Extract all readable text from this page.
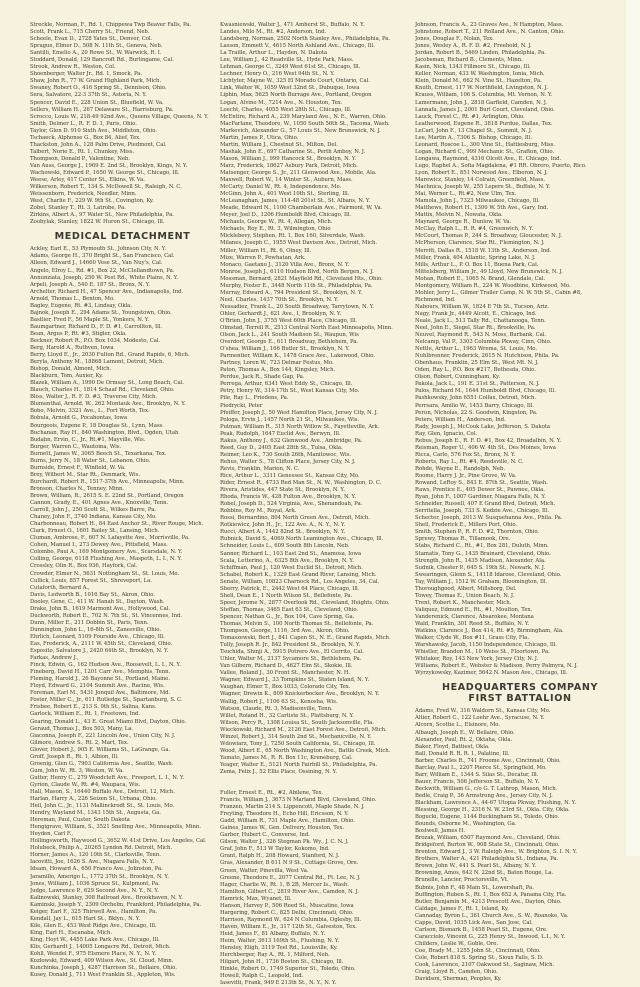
Streckle, Norman, F., Rd. 1, Chippewa Twp Beaver Falls, Pa.
Scott, Frank L., 715 Cherry St., Friend, Neb.
Scheele, Evan D., 2728 Yates St., Denver, Col.
Sprague, Elmer D., 508 N. 11th St., Geneva, Neb.
Santilli, Emelio A., 20 Rowe St., W. Warwick, R. I.
Stoddard, Donald, 129 Bancroft Rd., Burlingame, Cal.
Strook, Andrew R., Weston, Col.
Shoenberger, Walter Jr., Rd. 1, Smock, Pa.
Shaw, John R., 77 W. Grand Highland Park, Mich.
Swaney, Robert O., 416 Spring St., Dennison, Ohio.
Sera, Salvatore, 22-3 37th St., Astoria, N. Y.
Spencer, David E., 228 Union St., Bluefield, W. Va.
Sellers, William H., 267 Delaware St., Harrisburg, Pa.
Scrocco, Louis W., 218-49 92nd Ave., Queens Village, Queens, N. Y.
Smith, Delmer L., R. F. D. 1, Paris, Ohio.
Taylor, Glen D. 910 Sixth Ave., Middleton, Ohio.
Tschaeck, Alphonse G., Box 84, Alief, Tex.
Thackston, John A., 128 Palm Drive, Piedmont, Cal.
Talbert, Norie E., Rt. 1, Chunkey, Miss.
Thompson, Donald P., Valentine, Neb.
Van Auss, George J., 1969 E. 2nd St., Brooklyn, Kings, N. Y.
Wachowski, Edward P., 1650 W. George St., Chicago, Ill.
Weese, Arley, 417 Center St., Elkins, W. Va.
Wilkerson, Robert T., 134 S. McDowell St., Raleigh, N. C.
Weissenborn, Frederick, Needler, Minn.
West, Charlie F., 229 W. 9th St., Covington, Ky.
Zobel, Stanley T., Rt. 3, Latrobe, Pa.
Zirkins, Albert A., 97 Water St., New Philadelphia, Pa.
Zoobylak, Stanley, 1822 W. Huron St., Chicago, Ill.
MEDICAL DETACHMENT
Ackley, Earl E., 53 Plymouth St., Johnson City, N. Y.
Adams, George H., 370 Bright St., San Francisco, Cal.
Alleen, Edward J., 14660 Vose St., Van Nuy's, Cal.
Angelo, Elroy L., Rd. #1, Box 22, McClellandtown, Pa.
Annunziata, Joseph, 250 W. Post Rd., White Plains, N. Y.
Arpeli, Joseph A., 540 E. 187 St., Bronx, N. Y.
Archelter, Richard H., 47 Spencer Ave., Indianapolis, Ind.
Arnold, Thomas L., Benton, Mo.
Bagley, Eugene, Rt. #3, Lindsay, Okla.
Bajnok, Joseph E., 294 Adams St., Youngstown, Ohio.
Bastlier, Fred F., 56 Maple St., Yonkers, N. Y.
Baumgartner, Richard D., F. D. #1, Carrollton, Ill.
Bean, Argus P., Rt. #3, Stigler, Okla.
Beckner, Robert R., P.O. Box 1034, Modesto, Cal.
Berg, Harold A., Ruthven, Iowa
Berry, Lloyd E., Jr., 2030 Fulton Rd., Grand Rapids, 6, Mich.
Beryla, Anthony M., 18868 Lamont, Detroit, Mich.
Bishop, Donald, Almont, Mich.
Blackburn, Tom, Auxier, Ky.
Blazek, William A., 1990 De Ormsay St., Long Beach, Cal.
Blauch, Charles H., 1814 Schaaf Rd., Cleveland, Ohio.
Bliss, Walter J., R. F. D. #3, Traverse City, Mich.
Blumenthal, Arnold, W., 262 Montauk Ave., Brooklyn, N. Y.
Bobo, Melvin, 3321 Ave., L., Fort Worth, Tex.
Bobula, Arnold G., Pocahontas, Iowa
Bourgeois, Eugene P., 18 Douglas St., Lynn, Mass.
Buchanan, Ray H., 840 Washington, Blvd., Ogden, Utah
Budahn, Ervin, C., Jr., Rt.#1, Mayville, Wis.
Burger, Warren C., Wautoma, Wis.
Burnett, James W., 3065 Beech St., Texarkana, Tex.
Burns, Jerry N., 18 Water St., Lebanon, Ohio.
Burnside, Ernest F., Winfield, W. Va.
Brey, Wilbert M., Star Rt., Denmark, Wis.
Burchardt, Robert R., 1517-37th Ave., Minneapolis, Minn.
Bronson, Charles N., Tenney, Minn.
Brown, William, R., 2615 S. E. 22nd St., Portland, Oregon
Cannon, Grady, E., 401 Agnes Ave., Knoxville, Tenn.
Carroll, John J., 250 Scott St., Wilkes Barre, Pa.
Chaney, John F., 3740 Indiana, Kansas City, Mo.
Charbonneau, Robert H., 84 East Anchor St., River Rouge, Mich.
Clark, Ernest O., 1601 Bailey St., Lansing, Mich.
Cluman, Ambrose, F., 607 N. Lafayette Ave., Morrisville, Pa.
Cohen, Manuel I., 273 Dewey Ave., Pittsfield, Mass.
Colombo, Paul A., 169 Montgomery Ave., Scarsdale, N. Y.
Colling, George, 6118 Flushing Ave., Maspeth, L. I., N. Y.
Crossley, Olin R., Box 936, Hayfork, Cal.
Crowder, Elmer N., 5631 Nottingham St., St. Louis, Mo.
Cullick, Louis, 857 Forest St., Shreveport, La.
Cutaforth, Bernard A.,
Davis, Ledworth B., 1016 Bay St., Akron, Ohio.
Dooley, Gene, C., 411 W. Hanah St., Dayton, Wash.
Drake, John B., 1619 Marmont Ave., Hollywood, Cal.
Duckworth, Robert E., 702 N. 7th St., St. Vincennes, Ind.
Dunn, Miller E., 211 Dobbin St., Paris, Tenn.
Dunnington, John L., 16-8th St., Zanesville, Ohio.
Ehrlich, Leonard, 5109 Fourside Ave., Chicago, Ill.
Eas, Frederick, A., 2111 W. 45th St., Cleveland, Ohio.
Esposito, Salvatore J., 2420 64th St., Brooklyn, N. Y.
Farkas, Andrew J.,
Finck, Edwin, G., 162 Hudson Ave., Roosevelt, L. I., N. Y.
Fineberg, David H., 1201 Carr Ave., Memphis, Tenn.
Fleming, Harold J., 26 Bayonne St., Portland, Maine.
Floyd, Edward G., 2104 Summit Ave., Racine, Wis.
Foreman, Earl M., 5431 Jonquil Ave., Baltimore, Md.
Foster, Miller C., Jr., 611 Rutledge St., Spartanburg, S. C.
Frisbee, Robert E., 213 S. 9th St., Salina, Kans.
Garlock, William E., Rt. 1, Freetown, Ind.
Gearing, Donald L., 43 E. Great Miami Blvd, Dayton, Ohio.
Geraud, Thomas J., Box 503, Many, La.
Giaconna, Joseph F., 221 Lincoln Ave., Union City, N. J.
Gilmore, Andrew S., Rt. 2, Mart, Tex.
Glover, Hobert J., 905 E. Williams St., LaGrange, Ga.
Groff, Joseph R., Rt. 1, Albion, Ill.
Groenig, Glen G., 7903 California Ave., Seattle, Wash.
Gum, John W., Rt. 3, Weston, W. Va.
Gutter, Henry C., 279 Woodcleft Ave., Freeport, L. I., N. Y.
Gyrion, Claude W., Rt. #4, Waupaca, Wis.
Hall, Mason, S., 16440 Buffalo Ave., Detroit, 12, Mich.
Harlan, Harry A., 226 Seizen St., Urbana, Ohio.
Heil, John C., Jr., 1131 Mallinckrodt St., St. Louis, Mo.
Hendry, Wayland M., 1343 15th St., Augusta, Ga.
Hereman, Paul, Custer, South Dakota
Hengigrave, William, S., 3521 Snelling Ave., Minneapolis, Minn.
Heyden, Carl F.,
Hollingsworth, Haywood G., 3652 W. 41st Drive, Los Angeles, Cal.
Holubeck, Philip A., 20265 Lyndon Rd. Detroit, Mich.
Horner, James A., 120 10th St., Clarksville, Tenn.
Iacovitti, Joe, 1626 S. Ave., Niagara Falls, N. Y.
Idsam, Howard A., 650 Franco Ave., Johnston, Pa.
Jaramillo, Amerigo L., 1772 37th St., Brooklyn, N. Y.
Jones, William J., 1036 Spruce St., Kulpmont, Pa.
Judge, Lawrence P., 629 Second Ave., N. Y., N. Y.
Kalinowski, Stanley, 308 Railroad Ave., Brookhaven, N. Y.
Kaminski, Joseph Y., 2309 Orchelm, Frankford, Philadelphia, Pa.
Keiger, Earl F., 325 Thirwell Ave., Hamilton, Pa.
Kendall, Jay L., 615 Hart St., Bklyn., N. Y.
Kile, Glen E., 453 West Ridge Ave., Chicago, Ill.
King, Earl H., Escanaba, Mich.
King, Hoyt W., 4455 Lake Park Ave., Chicago, Ill.
Klis, Gerhardt J., 14005 Longacre Rd., Detroit, Mich.
Kohll, Wendel F., 975 Elsmere Place, N. Y., N. Y.
Kozlowski, Edward, 409 Wilson Ave., St. Cloud, Minn.
Kunchinka, Joseph J., 4287 Harrison St., Bellaire, Ohio.
Kusey, Donald J., 711 West Franklin St., Appleton, Wis.
Kwasniewski, Walter J., 471 Amherst St., Buffalo, N. Y.
Landes, Milo M., Rt. #2, Anderson, Ind.
Landsberg, Norman, 2502 North Stanley Ave., Philadelphia, Pa.
Lasson, Emmett V., 4615 North Ashland Ave., Chicago, Ill.
La Traille, Arthur L., Hayden, N. Dakota
Lee, William J., 42 Readville St., Hyde Park, Mass.
Lehman, George C., 3249 West 61st St., Chicago, Ill.
Lechner, Henry O., 216 West 94th St., N. Y.
Lichtyter, Mayne W., 325 El Morado Court, Ontario, Cal.
Link, Walter W., 1059 West 32nd St., Dubuque, Iowa
Liphin, Max, 5625 North Burrage Ave., Portland, Oregon
Logan, Alvino M., 7214 Ave., N. Houston, Tex.
Loecht, Charles, 4055 West 28th St., Chicago, Ill.
McEntire, Richard A., 239 Maryland Ave., N. E., Warren, Ohio.
MacFarlane, Theodore, W., 1050 South 56th St., Tacoma, Wash.
Markevich, Alexander G., 57 Louis St., New Brunswick, N. J.
Martin, James P., Utica, Ohio.
Martin, William J., Chestnut St., Milton, Del.
Mashak, John E., 697 Catharine St., Perth Amboy, N. J.
Mason, William J., 999 Hancock St., Brooklyn, N. Y.
Marz, Frederick, 18627 Asbury Park, Detroit, Mich.
Matsenger, George S., Jr., 211 Glenwood Ave., Mobile, Ala.
Maxwell, Robert W., 14 Winter St., Auburn, Mass.
McCarty, Daniel W., Rt. 4, Independence, Mo.
McGinn, John A., 401 West 10th St., Sterling, Ill.
McLeanaghan, James, 114-48 201st St., St. Albans, N. Y.
Meade, Edward N., 1100 Chamberlain Ave., Fairmont, W. Va.
Meyer, Joel D., 1206 Humboldt Blvd, Chicago, Ill.
Michaels, George W., Rt. 4, Allegan, Mich.
Michaels, Roy E., Rt. 3, Wilmington, Ohio
Micklebevy, Stephen, Rt. 1, Box 160, Silverdale, Wash.
Milanes, Joseph C., 1955 West Davison Ave., Detroit, Mich.
Miller, William H., Rt. 6, Olney, Ill.
Mize, Warren P., Powhatan, Ark.
Monaco, Gaetano J., 3120 Villa Ave., Bronx, N. Y.
Monroe, Joseph J., 6110 Hudson Blvd, North Bergen, N. J.
Mossman, Bernard, 2821 Mayfield Rd., Cleveland Hts., Ohio.
Murphy, Foster E., 3448 North 11th St., Philadelphia, Pa.
Murray, Edward A., 794 President St., Brooklyn, N. Y.
Neel, Charles, 1437 70th St., Brooklyn, N. Y.
Nessadiez, Frank L., 20 South Broadway, Tarrytown, N. Y.
Ohler, Gerhardt J., 621 Ave., I, Brooklyn, N. Y.
O'Brien, John J., 3755 West 60th Place, Chicago, Ill.
Olmstad, Terrell R., 2513 Central North East Minneapolis, Minn.
Olson, Jack L., 241 South Madison St., Waupun, Wis
Overdorf, George E., 611 Broadway, Bethlehem, Pa.
O'shea, William J., 166 Butler St., Brooklyn, N. Y.
Parmentier, William K., 1478 Grace Ave., Lakewood, Ohio.
Partney, Loren W., 723 Delmar Festus, Mo.
Paton, Thomas A., Box 144, Kingsley, Mich.
Perdue, Jack R., Shade Gap, Pa.
Perrega, Arthur, 6341 West Eddy St., Chicago, Ill.
Petry, Henry W., 314-17th St., West Kansas City, Mo.
Pile, Ray L., Friedens, Pa.
Piedrycki, Peter
Pfeiffer, Joseph J., 50 West Hamilton Place, Jersey City, N. J.
Pologa, Ervin J., 1457 North 21 St., Milwaukee, Wis.
Putman, William R., 315 North Willow St., Fayetteville, Ark.
Peak, Rudolph, 1647 Euclid Ave., Berwyn, Ill.
Rakus, Anthony J., 632 Glenwood Ave., Ambridge, Pa.
Reed, Guy D., 2405 East 28th St., Tulsa, Okla.
Reimer, Leo K., 730 South 26th, Manitowoc, Wis.
Rehus, Walter S., 78 Clifton Place, Jersey City, N. J.
Revis, Franklin, Marion, N. C.
Rice, Arthur L., 3311 Genessee St., Kansas City, Mo.
Rider, Ernest R., 4733 Red Man St., N. W., Washington, D. C.
Rivera, Aristides, 447 State St., Brooklyn, N. Y.
Rhoda, Francis W., 428 Fulton Ave., Brooklyn, N. Y.
Robel, Joseph D., 524 Virginia, Ave., Shenandoah, Pa.
Robbins, Roy M., Royal, Ark.
Rossi, Bernardino, 804 North Green Ave., Detroit, Mich.
Rotkiewicz, John H., Jr., 122 Ave. A., N. Y., N. Y.
Rucci, Albert A., 1442 82nd St., Brooklyn, N. Y.
Rubnick, David S., 4069 North Leamington Ave., Chicago, Ill.
Schneider, Louis L., 609 South 8th Lincoln, Neb.
Sanner, Richard L., 103 East 2nd St., Anamosa, Iowa
Scala, Letterino, A., 6325 8th Ave., Brooklyn, N. Y.
Schiffman, Paul J., 120 West Euclid St., Detroit, Mich.
Schabel, Robert K., 1329 East Grand River, Lansing, Mich.
Senate, William, 10823 Charnock Rd., Los Angeles, 34, Cal.
Sherry, Patrick, E., 2442 West 64 Place, Chicago, Ill.
Shell, Dean E., 1 North Wilson St., Bellefonte, Pa.
Speer, Jerome N., 2877 Overlook Rd., Cleveland, Heights, Ohio.
Steffan, Thomas, 3465 East 63 St., Cleveland, Ohio.
Spencer, Nathan G., Jr., Box 104, Cave Spring, Ga.
Thomas, Melvin S., 100 North Thomas St., Bellefonte, Pa.
Thompson, George, 1116, 3rd Ave., Akron, Ohio.
Tomaszewski, Bert J., 841 Capen St., N. E., Grand Rapids, Mich.
Tully, Joseph R. Jr., 842 President St., Brooklyn, N. Y.
Tsuchida, Shinji A., 5915 Potrero Ave., El Cerrito, Cal.
Uhler, Walter M., 2137 Sycamore St., Bethlehem, Pa.
Van Gilbern, Richard D., 4627 Elm St., Skokie, Ill.
Vallee, Roland J., 30 Front St., Manchester, N. H.
Wagner, Edward J., 33 Tompkins St., Staten Island, N. Y.
Vaughan, Elmer T., Box 1033, Colorado City, Tex.
Wagner, Drewin K., 809 Knickerbocker Ave., Brooklyn, N. Y.
Wallig, Robert J., 1106 63 St., Kenosha, Wis.
Watson, Claude, Rt. 3, Madisonville, Tenn.
Willet, Roland H., 32 Cartiste St., Plattsburg, N. Y.
Wilson, Percy R., 1308 Louisa St., South Jacksonville, Fla.
Wieckowski, Richard M., 2126 East Forest Ave., Detroit, Mich.
Winzel, Robert J., 314 South 2nd St., Mechanicville, N. Y.
Wdowiarz, Tony J., 7250 South California, St., Chicago, Ill.
Wood, Albert E., 65 North Washington Ave., Battle Creek, Mich.
Yamato, James M., R. R. Box 11c, Kreneburg, Cal.
Yeager, Walter E., 5121 North Fairhill St., Philadelphia, Pa.
Zema, Felix J., 52 Ellis Place, Ossining, N. Y.
Fuller, Ernest E., Rt., #2, Abilene, Tex.
Francis, William J., 3673 N Marland Blvd, Cleveland, Ohio.
Franzen, Martin 214 S. Lippencott, Maple Shade, N. J.
Freyting, Theodore H., Echo Hill, Ericsson, N. Y.
Gadd, William R., 731 Maple Ave., Hamilton, Ohio.
Gaines, James W., Gen. Delivery, Houston, Tex.
Garber, Hubert C., Converse, Ind.
Gilson, Walter J., 326 Stegman Pk. Wy., J. C. N. J.
Graf, John F., 513 W Taylor, Kokomo, Ind.
Grant, Ralph H., 208 Howard, Stanford, N. J.
Gras, Alexander, B 611 N 9 St., Cottage Grove, Ore.
Green, Walter, Pinevilla, West Va.
Greene, Theodore E., 2077 Central Rd., Ft. Lee, N. J.
Hager, Charlie W., Rt. 1, B 2B, Mercer Is., Wash.
Hamilton, Gilbert C., 2819 River Ave., Camden, N. J.
Hamrick, Max, Wyanet, Ill.
Hanson, Harvey P., 506 Reed St., Muscatine, Iowa
Hargering, Robert C., 825 Delhi, Cincinnati, Ohio.
Harrison, Raymond W., 624 N Columbia, Oglesby, Ill.
Haven, William E., Jr., 317 12th St., Galveston, Tex.
Heid, James F., 81 Albany, Buffalo, N. Y.
Heim, Walter, 3613 169th St., Flushing, N. Y.
Hensley, Eligh, 3119 Teel Rd., Louisville, Ky.
Herchberger, Ray A., Rt. 1, Milford, Neb.
Hilgart, John H., 1736 Boston St., Chicago, Ill.
Hinkle, Robert D., 1749 Superior St., Toledo, Ohio.
Howell, Ralph C., Leopold, Ind.
Iasevitti, Frank, 949 E 213th St., N. Y., N. Y.
Johnson, Francis A., 23 Graves Ave., N Hampton, Mass.
Johnstone, Robert T., 211 Rolland Ave., N. Canton, Ohio.
Jones, Douglas F., Nolan, Tex.
Jones, Wesley A., R. F. D. #2, Freehold, N. J.
Jordan, Robert B., 5469 Linden, Philadelphia, Pa.
Jacobsman, Richard B., Clements, Minn.
Kasin, Nick, 1343 Fillmore St., Chicago, Ill.
Keller, Norman, 433 W. Washington, Ionia, Mich.
Klein, Donald M., 662 N. Vine St., Hazelton, Pa.
Knuth, Ernest, 117 W. Northfield, Livingston, N. J.
Krauss, William, 106 S. Columbia, Mt. Vernon, N. Y.
Lamermann, John J., 2818 Garfield, Camden, N. J.
Lannafa, James J., 2001 Burl Court, Cleveland, Ohio.
Lauck, Forest C., Rt. #1, Arlington, Ohio.
Leatherwood, Eugene R., 3818 Purdue, Dallas, Tex.
LeCarl, John F., 13 Chapel St., Summit, N. J.
Lee, Martin A., 7306 S. Bishop, Chicago, Ill.
Leonard, Roscoe L., 300 Vine St., Hattiesburg, Miss.
Logan, Richard C., 999 Mechanic St., Grafton, Ohio.
Longawa, Raymond, 4316 Olcott Ave., E. Chicago, Ind.
Lugo, Raphel A., Sofia Magdalena, #1 RR. Obrero, Puerto, Rico.
Lyon, Robert E., 851 Norwood Ave., Elberon, N. J.
Marewicz, Stanley, 14 Colrain, Greenfield, Mass.
Machnica, Joseph W., 255 Lepere St., Buffalo, N. Y.
Mai, Werner L., Rt.#2, New Ulm, Tex.
Mamola, John J., 7323 Milwaukee, Chicago, Ill.
Matthews, Robert H., 1300 W. 5th Ave., Gary, Ind.
Mattix, Melvin N., Nowata, Okla.
Maynard, George R., Dunlow, W. Va.
McClay, Ralph L., R. R. #4, Greenwich, N. Y.
McCourt, Thomas P., 244 S. Broadway, Gloucester, N. J.
McPherson, Clarence, Star Rt., Flemington, N. J.
Merritt, Dallas R., 1518 W. 13th St., Anderson, Ind.
Miller, Frank, 404 Atlantic, Spring Lake, N. J.
Mills, Arthur L., P. O. Box 11, Buena Park, Cal.
Mittelsberg, William Jr., 49 Lloyd, New Brunswick, N. J.
Mohan, Robert E., 1065 N. Brand, Glendale, Cal.
Montgomery, William R., 224 W. Woodbine, Kirkwood, Mo.
Mohler, Jerry L., Gilmer Trailer Camp, N. W. 5th St., Cabin #8,
Richmond, Ind.
Nabours, William W., 1824 E 7th St., Tucson, Ariz.
Nagy, Frank Jr., 4449 Alcott, E., Chicago, Ind.
Neale, Jack L., 513 Tally Rd., Chattanooga, Tenn.
Neel, John E., Siegel, Star Rt., Brookville, Pa.
Neuvel, Raymond R., 543 N. Moss, Burbank, Cal.
Nelcamp, Val P., 3303 Columbia Pkway, Cinn, Ohio.
Nettle, Arthur L., 1963 Wrema, St. Louis, Mo.
Nuhlbrenner, Frederick, 2615 N. Hutchison, Phila. Pa.
Obenhaus, Franklin, 25 Elm St., West Mt. N. J.
Oden, Ray L., P.O. Box #217, Bethesda, Ohio.
Olson, Robert, Cunningham, Ky.
Pakola, Jack L., 191 E. 31st St., Patterson, N. J.
Palos, Richard M., 1644 Humboldt Blvd, Chicago, Ill.
Pashkowsky, John 6551 Colfax, Detroit, Mich.
Perrsara, Amilio W., 1453 Barry, Chicago, Ill.
Perun, Nicholas, 22 S. Goodwin, Kingston, Pa.
Peters, William H., Anderson, Ind.
Rady, Joseph J., McCook Lake, Jefferson, S. Dakota
Ray, Glen, Ignacio, Col.
Rebus, Joseph E., R. F. D. #1, Box 42, Broadalbin, N. Y.
Reisman, Roger U., 406 W. 4th St., Des Moines, Iowa
Ricca, Carlo, 576 Fox St., Bronx, N. Y.
Roberts, Ray L., Rt. #4, Reedsville, N. C.
Rohde, Wayne E., Randolph, Neb.
Roome, Harry J. Jr., Pine Grove, W. Va.
Rowand, LeRoy S., 843 E. 87th St., Seattle, Wash.
Raws, Prentice E., 405 Dewer St., Pawnee, Okla.
Ryan, John F., 1007 Gardiner, Niagara Falls, N. Y.
Schneider, Russell, 407 E Grand Blvd, Detroit, Mich.
Serritella, Joseph, 733 S. Kedzie Ave., Chicago, Ill.
Schecter, Joseph, 2013 W. Susquehanna Ave., Phila. Pa.
Shell, Frederick E., Millers Port, Ohio.
Smith, Stephen P., R. F. D. #2, Thornton, Ohio.
Sprewy, Thomas R., Tillamook, Ore.
Stabs, Richard C., Rt., #1, Box 281, Duluth, Minn.
Stamatis, Tony G., 1435 Brainard, Cleveland, Ohio.
Strength, John R., 1435 Madison, Alexander, Ala.
Sudnik, Chester P., 645 S. 19th St., Newark, N. J.
Swearingen, Glenn S., 14118 Idarose, Cleveland, Ohio.
Tay, William J., 1512 W. Graham, Bloomington, Ill.
Thoroughgood, Albert, Millsborg, Del.
Towey, Thomas E., Union Beach, N. J.
Trent, Robert K., Manchester, Mich.
Valiquez, Edmund E., Rt., #1, Moulton, Tex.
Vanderenick, Clarence, Absarokee, Montana
Wald, Franklin, 301 Reed St., Buffalo, N. Y.
Watkins, Clarence J., Box 414, Rt. #5, Birmingham, Ala.
Walker, Clyde W., Box #11, Grass City, Fla.
Warshawsky, Jacob, 1150 Independence, Chicago, Ill.
Whistler, Brandon M., 10 Weiss St., Floortown, Pa.
Whitaker, Roy, 143 New York, Jersey City, N. J.
Williams, Robert E., Webster & Madison, Perry Palmyra, N. J.
Wyrzykowsky, Kazimer, 5642 N. Mason Ave., Chicago, Ill.
HEADQUARTERS COMPANY
FIRST BATTALION
Adams, Fred W., 316 Waldorn St., Kansas City, Mo.
Altier, Robert C., 122 Loehr Ave., Syracuse, N. Y.
Alcorn, Scottie L., Elsinore, Mo.
Albaugh, Joseph E., W. Bellaire, Ohio.
Alexander, Paul, Rt. 2, Oktaha, Okla.
Baker, Floyd, Battiest, Okla.
Ball, Donald R. R. R. 1, Palatine, Ill.
Barber, Charles R., 741 Froome Ave., Cincinnati, Ohio.
Barclay, Paul L., 2207 Pierce St., Springfield, Mo.
Barr, William E., 1344 S. Silas St., Decatur, Ill.
Bauer, Francis, 506 Jefferson St., Buffalo, N. Y.
Beckwith, William G., c/o G. T. Lathrop, Mason, Mich.
Bedle, Craig P., 36 Armstrong Ave., Jersey City, N. J.
Blackham, Lawrence A., 44-67 Utopia Pkway, Flushing, N. Y.
Blessing, George H., 2316 N. W. 23rd St., Okla. City, Okla.
Bogucki, Eugene, 1144 Buckingham St., Toledo, Ohio.
Bounds, Osborne M., Washington, Ga.
Bostwell, James H.
Brozak, William, 6507 Raymond Ave., Cleveland, Ohio.
Bridgeford, Burton W., 908 State St., Cincinnati, Ohio.
Brenton, Edward J., 3 W. Raleigh Ave., W. Brighton, S. I. N. Y.
Brothers, Walter A., 421 Philadelphia St., Indiana, Pa.
Brown, John W., 441 S. Pearl St., Albany, N. Y.
Browning, Amos, 642 N. 22nd St., Baton Rouge, La.
Brunelle, Lancier, Proctorsville, Vt.
Bubnis, John F., 48 Main St., Lowershaft, Pa.
Buffington, Ruben S., Rt. 1, Box 652 A, Panama City, Fla.
Butler, Benjamin M., 4213 Prescott Ave., Dayton, Ohio.
Caldage, James F., Rt. 1, Island, Ky.
Cannaday, Byron L., 361 Church Ave., S. W., Roanoke, Va.
Capps, David, 1035 Lick Ave., San Jose, Cal.
Carlson, Bismark B., 1458 Pearl St., Eugene, Ore.
Caracciolo, Vincent G., 225 Henry St., Inwood, L.I., N. Y.
Childers, Leslie W., Goble, Ore.
Coe, Brady M., 1255 John St., Cincinnati, Ohio.
Cole, Robert 818 S. Spring St., Sioux Falls, S. D.
Cook, Lawrence, 2107 Oakwood St., Saginaw, Mich.
Craig, Lloyd R., Camden, Ohio.
Davidson, Sherman, Peoples, Ky.
